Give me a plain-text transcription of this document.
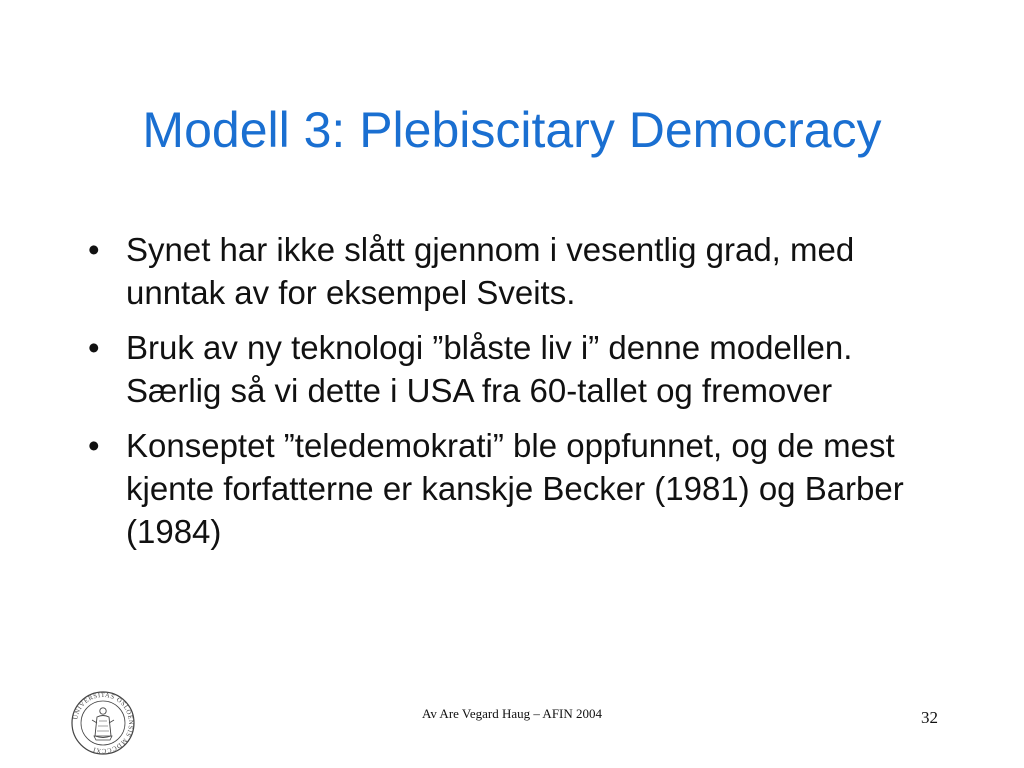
Modell 3: Plebiscitary Democracy
• Synet har ikke slått gjennom i vesentlig grad, med unntak av for eksempel Sveits.
• Bruk av ny teknologi ”blåste liv i” denne modellen. Særlig så vi dette i USA fra 60-tallet og fremover
• Konseptet ”teledemokrati” ble oppfunnet, og de mest kjente forfatterne er kanskje Becker (1981) og Barber (1984)
UNIVERSITAS OSLOENSIS MDCCCXI
Av Are Vegard Haug – AFIN 2004	32
